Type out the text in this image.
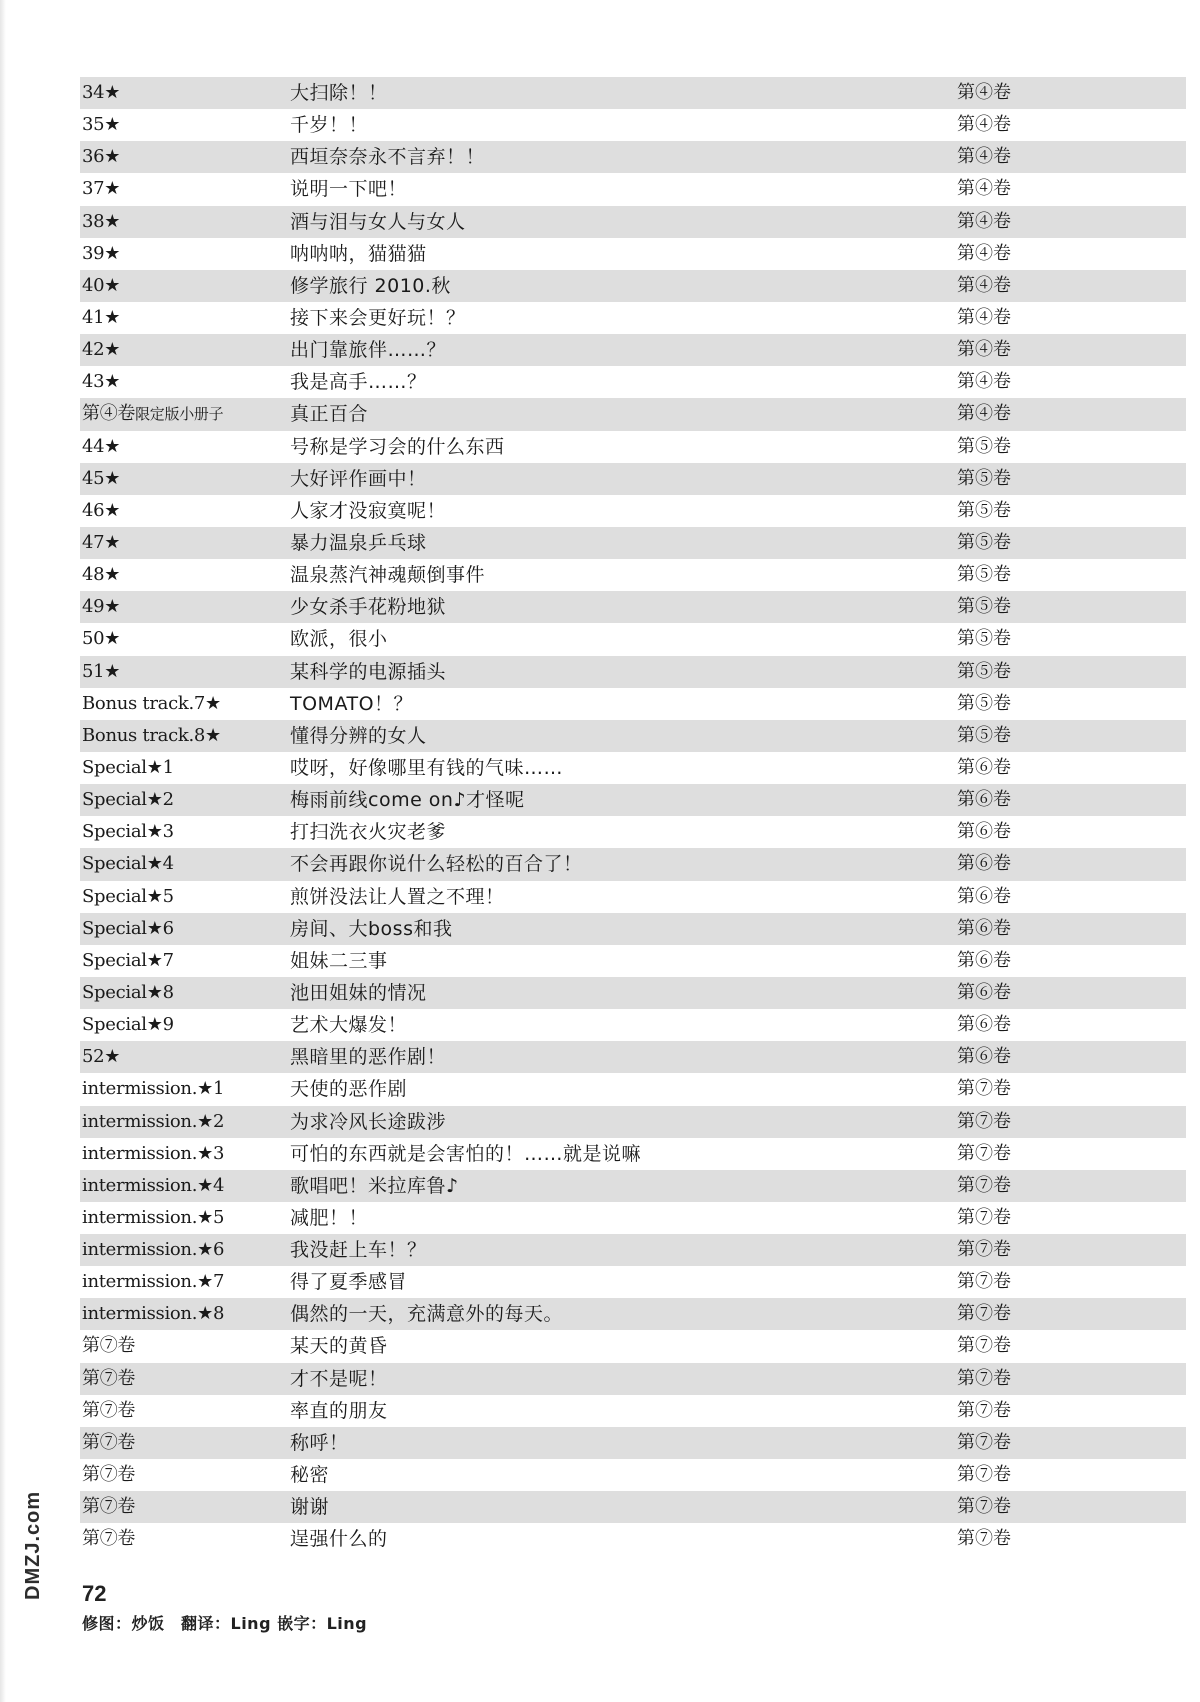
34★	大扫除！！	第④卷
35★	千岁！！	第④卷
36★	西垣奈奈永不言弃！！	第④卷
37★	说明一下吧！	第④卷
38★	酒与泪与女人与女人	第④卷
39★	呐呐呐，猫猫猫	第④卷
40★	修学旅行 2010.秋	第④卷
41★	接下来会更好玩！？	第④卷
42★	出门靠旅伴……？	第④卷
43★	我是高手……？	第④卷
第④卷限定版小册子	真正百合	第④卷
44★	号称是学习会的什么东西	第⑤卷
45★	大好评作画中！	第⑤卷
46★	人家才没寂寞呢！	第⑤卷
47★	暴力温泉乒乓球	第⑤卷
48★	温泉蒸汽神魂颠倒事件	第⑤卷
49★	少女杀手花粉地狱	第⑤卷
50★	欧派，很小	第⑤卷
51★	某科学的电源插头	第⑤卷
Bonus track.7★	TOMATO！？	第⑤卷
Bonus track.8★	懂得分辨的女人	第⑤卷
Special★1	哎呀，好像哪里有钱的气味……	第⑥卷
Special★2	梅雨前线come on♪才怪呢	第⑥卷
Special★3	打扫洗衣火灾老爹	第⑥卷
Special★4	不会再跟你说什么轻松的百合了！	第⑥卷
Special★5	煎饼没法让人置之不理！	第⑥卷
Special★6	房间、大boss和我	第⑥卷
Special★7	姐妹二三事	第⑥卷
Special★8	池田姐妹的情况	第⑥卷
Special★9	艺术大爆发！	第⑥卷
52★	黑暗里的恶作剧！	第⑥卷
intermission.★1	天使的恶作剧	第⑦卷
intermission.★2	为求冷风长途跋涉	第⑦卷
intermission.★3	可怕的东西就是会害怕的！……就是说嘛	第⑦卷
intermission.★4	歌唱吧！米拉库鲁♪	第⑦卷
intermission.★5	减肥！！	第⑦卷
intermission.★6	我没赶上车！？	第⑦卷
intermission.★7	得了夏季感冒	第⑦卷
intermission.★8	偶然的一天，充满意外的每天。	第⑦卷
第⑦卷	某天的黄昏	第⑦卷
第⑦卷	才不是呢！	第⑦卷
第⑦卷	率直的朋友	第⑦卷
第⑦卷	称呼！	第⑦卷
第⑦卷	秘密	第⑦卷
第⑦卷	谢谢	第⑦卷
第⑦卷	逞强什么的	第⑦卷
72
修图：炒饭　翻译：Ling 嵌字：Ling
DMZJ.com
